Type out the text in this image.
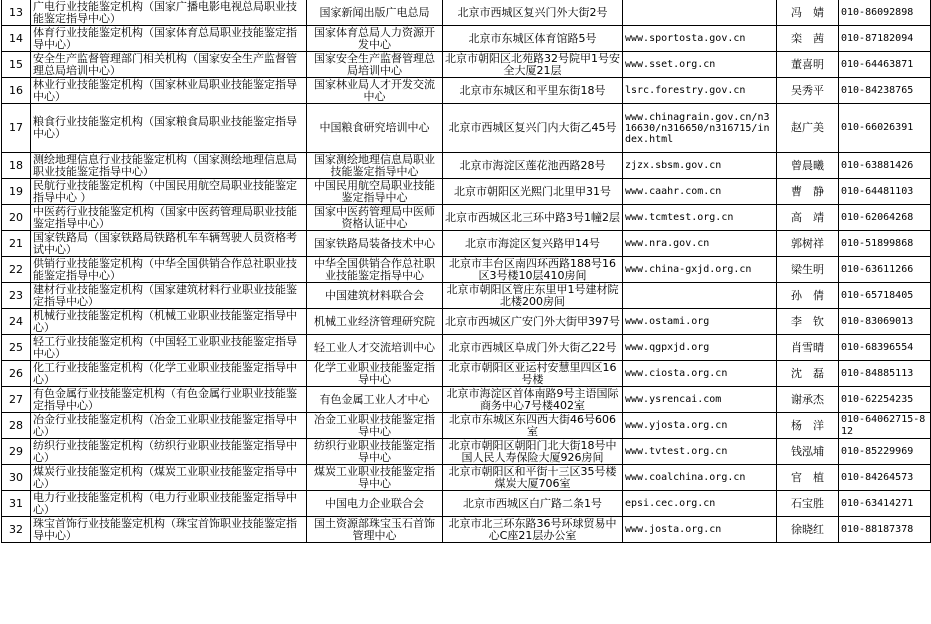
13	广电行业技能鉴定机构（国家广播电影电视总局职业技能鉴定指导中心）	国家新闻出版广电总局	北京市西城区复兴门外大街2号		冯　婧	010-86092898
14	体育行业技能鉴定机构（国家体育总局职业技能鉴定指导中心）	国家体育总局人力资源开发中心	北京市东城区体育馆路5号	www.sportosta.gov.cn	栾　茜	010-87182094
15	安全生产监督管理部门相关机构（国家安全生产监督管理总局培训中心）	国家安全生产监督管理总局培训中心	北京市朝阳区北苑路32号院甲1号安全大厦21层	www.sset.org.cn	董喜明	010-64463871
16	林业行业技能鉴定机构（国家林业局职业技能鉴定指导中心）	国家林业局人才开发交流中心	北京市东城区和平里东街18号	lsrc.forestry.gov.cn	吴秀平	010-84238765
17	粮食行业技能鉴定机构（国家粮食局职业技能鉴定指导中心）	中国粮食研究培训中心	北京市西城区复兴门内大街乙45号	www.chinagrain.gov.cn/n316630/n316650/n316715/index.html	赵广美	010-66026391
18	测绘地理信息行业技能鉴定机构（国家测绘地理信息局职业技能鉴定指导中心）	国家测绘地理信息局职业技能鉴定指导中心	北京市海淀区莲花池西路28号	zjzx.sbsm.gov.cn	曾晨曦	010-63881426
19	民航行业技能鉴定机构（中国民用航空局职业技能鉴定指导中心 ）	中国民用航空局职业技能鉴定指导中心	北京市朝阳区光熙门北里甲31号	www.caahr.com.cn	曹　静	010-64481103
20	中医药行业技能鉴定机构（国家中医药管理局职业技能鉴定指导中心）	国家中医药管理局中医师资格认证中心	北京市西城区北三环中路3号1幢2层	www.tcmtest.org.cn	高　靖	010-62064268
21	国家铁路局（国家铁路局铁路机车车辆驾驶人员资格考试中心）	国家铁路局装备技术中心	北京市海淀区复兴路甲14号	www.nra.gov.cn	郭树祥	010-51899868
22	供销行业技能鉴定机构（中华全国供销合作总社职业技能鉴定指导中心）	中华全国供销合作总社职业技能鉴定指导中心	北京市丰台区南四环西路188号16区3号楼10层410房间	www.china-gxjd.org.cn	梁生明	010-63611266
23	建材行业技能鉴定机构（国家建筑材料行业职业技能鉴定指导中心）	中国建筑材料联合会	北京市朝阳区管庄东里甲1号建材院北楼200房间		孙　倩	010-65718405
24	机械行业技能鉴定机构（机械工业职业技能鉴定指导中心）	机械工业经济管理研究院	北京市西城区广安门外大街甲397号	www.ostami.org	李　钦	010-83069013
25	轻工行业技能鉴定机构（中国轻工业职业技能鉴定指导中心）	轻工业人才交流培训中心	北京市西城区阜成门外大街乙22号	www.qgpxjd.org	肖雪晴	010-68396554
26	化工行业技能鉴定机构（化学工业职业技能鉴定指导中心）	化学工业职业技能鉴定指导中心	北京市朝阳区亚运村安慧里四区16号楼	www.ciosta.org.cn	沈　磊	010-84885113
27	有色金属行业技能鉴定机构（有色金属行业职业技能鉴定指导中心）	有色金属工业人才中心	北京市海淀区首体南路9号主语国际商务中心7号楼402室	www.ysrencai.com	谢承杰	010-62254235
28	冶金行业技能鉴定机构（冶金工业职业技能鉴定指导中心）	冶金工业职业技能鉴定指导中心	北京市东城区东四西大街46号606室	www.yjosta.org.cn	杨　洋	010-64062715-812
29	纺织行业技能鉴定机构（纺织行业职业技能鉴定指导中心）	纺织行业职业技能鉴定指导中心	北京市朝阳区朝阳门北大街18号中国人民人寿保险大厦926房间	www.tvtest.org.cn	钱泓埔	010-85229969
30	煤炭行业技能鉴定机构（煤炭工业职业技能鉴定指导中心）	煤炭工业职业技能鉴定指导中心	北京市朝阳区和平街十三区35号楼煤炭大厦706室	www.coalchina.org.cn	官　植	010-84264573
31	电力行业技能鉴定机构（电力行业职业技能鉴定指导中心）	中国电力企业联合会	北京市西城区白广路二条1号	epsi.cec.org.cn	石宝胜	010-63414271
32	珠宝首饰行业技能鉴定机构（珠宝首饰职业技能鉴定指导中心）	国土资源部珠宝玉石首饰管理中心	北京市北三环东路36号环球贸易中心C座21层办公室	www.josta.org.cn	徐晓红	010-88187378
